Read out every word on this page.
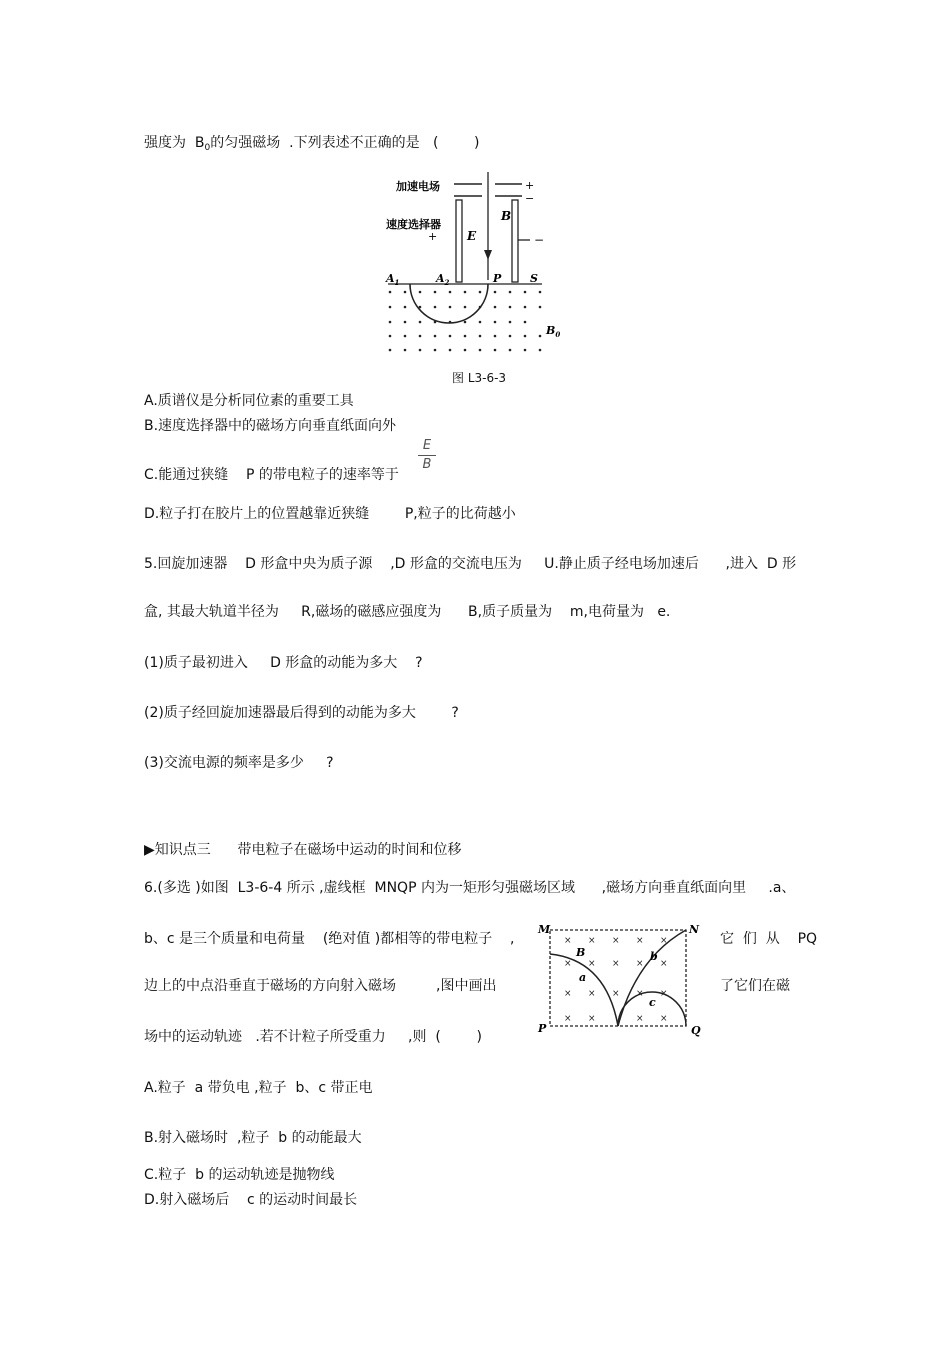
强度为  $B_0$的匀强磁场  .下列表述不正确的是   (        )
加速电场
速度选择器
+
−
+	−
E
B
$A_1$	$A_2$	P	S
$B_0$
图 L3-6-3
A.质谱仪是分析同位素的重要工具
B.速度选择器中的磁场方向垂直纸面向外
C.能通过狭缝    P 的带电粒子的速率等于
E
B
D.粒子打在胶片上的位置越靠近狭缝        P,粒子的比荷越小
5.回旋加速器    D 形盒中央为质子源    ,D 形盒的交流电压为     U.静止质子经电场加速后      ,进入  D 形
盒, 其最大轨道半径为     R,磁场的磁感应强度为      B,质子质量为    m,电荷量为   e.
(1)质子最初进入     D 形盒的动能为多大    ?
(2)质子经回旋加速器最后得到的动能为多大        ?
(3)交流电源的频率是多少     ?
▶知识点三      带电粒子在磁场中运动的时间和位移
6.(多选 )如图  L3-6-4 所示 ,虚线框  MNQP 内为一矩形匀强磁场区域      ,磁场方向垂直纸面向里     .a、
b、c 是三个质量和电荷量    (绝对值 )都相等的带电粒子    ,	它  们  从    PQ
边上的中点沿垂直于磁场的方向射入磁场         ,图中画出	了它们在磁
场中的运动轨迹   .若不计粒子所受重力     ,则  (        )
× × × × ×
× × × × ×
× × × × ×
× ×	× ×
M	N
P	Q
B
a
b
c
A.粒子  a 带负电 ,粒子  b、c 带正电
B.射入磁场时  ,粒子  b 的动能最大
C.粒子  b 的运动轨迹是抛物线
D.射入磁场后    c 的运动时间最长
